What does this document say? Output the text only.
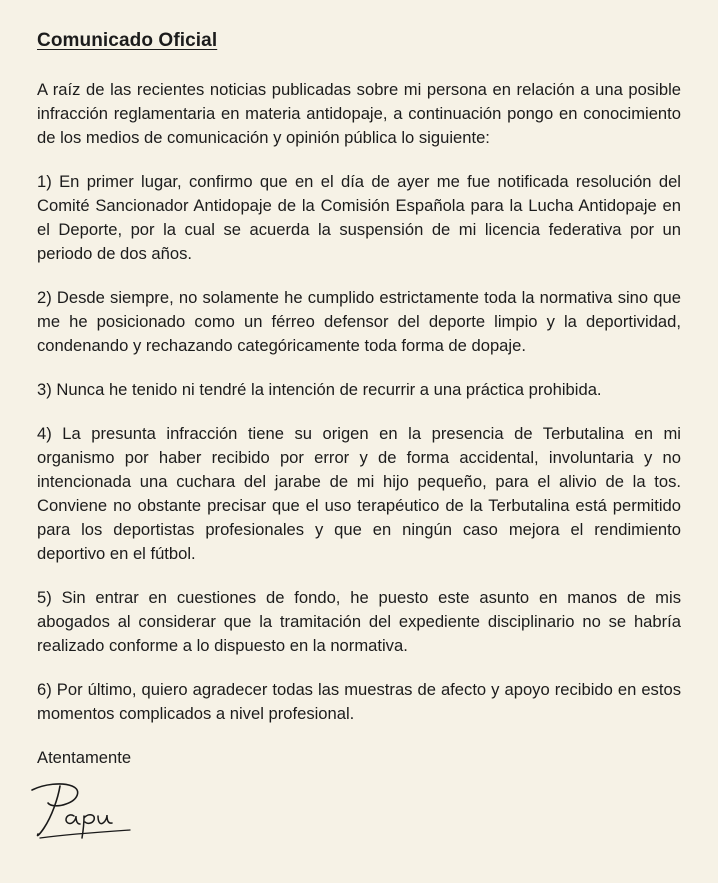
Comunicado Oficial

A raíz de las recientes noticias publicadas sobre mi persona en relación a una posible infracción reglamentaria en materia antidopaje, a continuación pongo en conocimiento de los medios de comunicación y opinión pública lo siguiente:

1) En primer lugar, confirmo que en el día de ayer me fue notificada resolución del Comité Sancionador Antidopaje de la Comisión Española para la Lucha Antidopaje en el Deporte, por la cual se acuerda la suspensión de mi licencia federativa por un periodo de dos años.

2) Desde siempre, no solamente he cumplido estrictamente toda la normativa sino que me he posicionado como un férreo defensor del deporte limpio y la deportividad, condenando y rechazando categóricamente toda forma de dopaje.

3) Nunca he tenido ni tendré la intención de recurrir a una práctica prohibida.

4) La presunta infracción tiene su origen en la presencia de Terbutalina en mi organismo por haber recibido por error y de forma accidental, involuntaria y no intencionada una cuchara del jarabe de mi hijo pequeño, para el alivio de la tos. Conviene no obstante precisar que el uso terapéutico de la Terbutalina está permitido para los deportistas profesionales y que en ningún caso mejora el rendimiento deportivo en el fútbol.

5) Sin entrar en cuestiones de fondo, he puesto este asunto en manos de mis abogados al considerar que la tramitación del expediente disciplinario no se habría realizado conforme a lo dispuesto en la normativa.

6) Por último, quiero agradecer todas las muestras de afecto y apoyo recibido en estos momentos complicados a nivel profesional.

Atentamente
